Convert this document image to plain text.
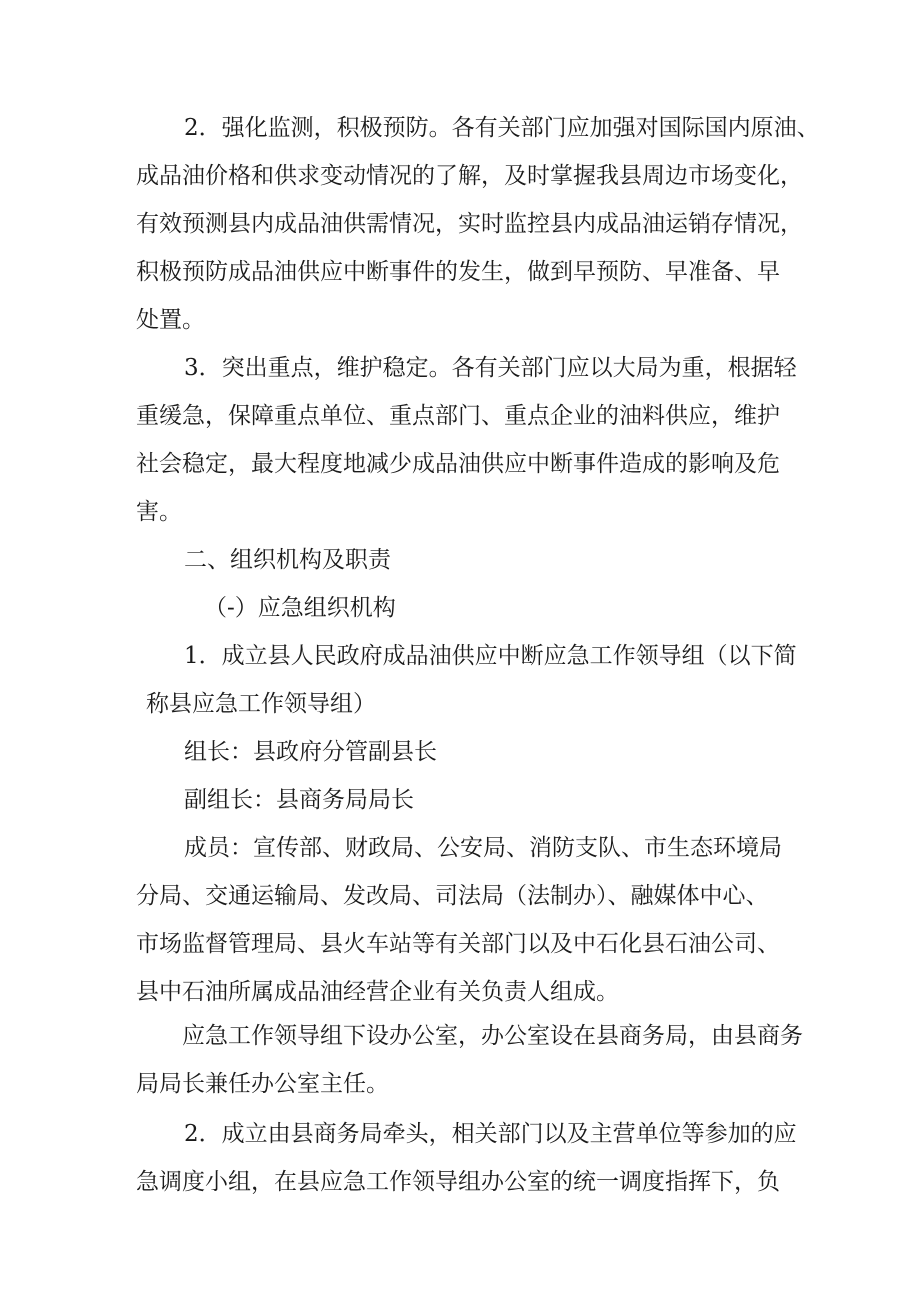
2．强化监测，积极预防。各有关部门应加强对国际国内原油、
成品油价格和供求变动情况的了解，及时掌握我县周边市场变化，
有效预测县内成品油供需情况，实时监控县内成品油运销存情况，
积极预防成品油供应中断事件的发生，做到早预防、早准备、早
处置。
3．突出重点，维护稳定。各有关部门应以大局为重，根据轻
重缓急，保障重点单位、重点部门、重点企业的油料供应，维护
社会稳定，最大程度地减少成品油供应中断事件造成的影响及危
害。
二、组织机构及职责
（-）应急组织机构
1．成立县人民政府成品油供应中断应急工作领导组（以下简
称县应急工作领导组）
组长：县政府分管副县长
副组长：县商务局局长
成员：宣传部、财政局、公安局、消防支队、市生态环境局
分局、交通运输局、发改局、司法局（法制办）、融媒体中心、
市场监督管理局、县火车站等有关部门以及中石化县石油公司、
县中石油所属成品油经营企业有关负责人组成。
应急工作领导组下设办公室，办公室设在县商务局，由县商务
局局长兼任办公室主任。
2．成立由县商务局牵头，相关部门以及主营单位等参加的应
急调度小组，在县应急工作领导组办公室的统一调度指挥下，负
